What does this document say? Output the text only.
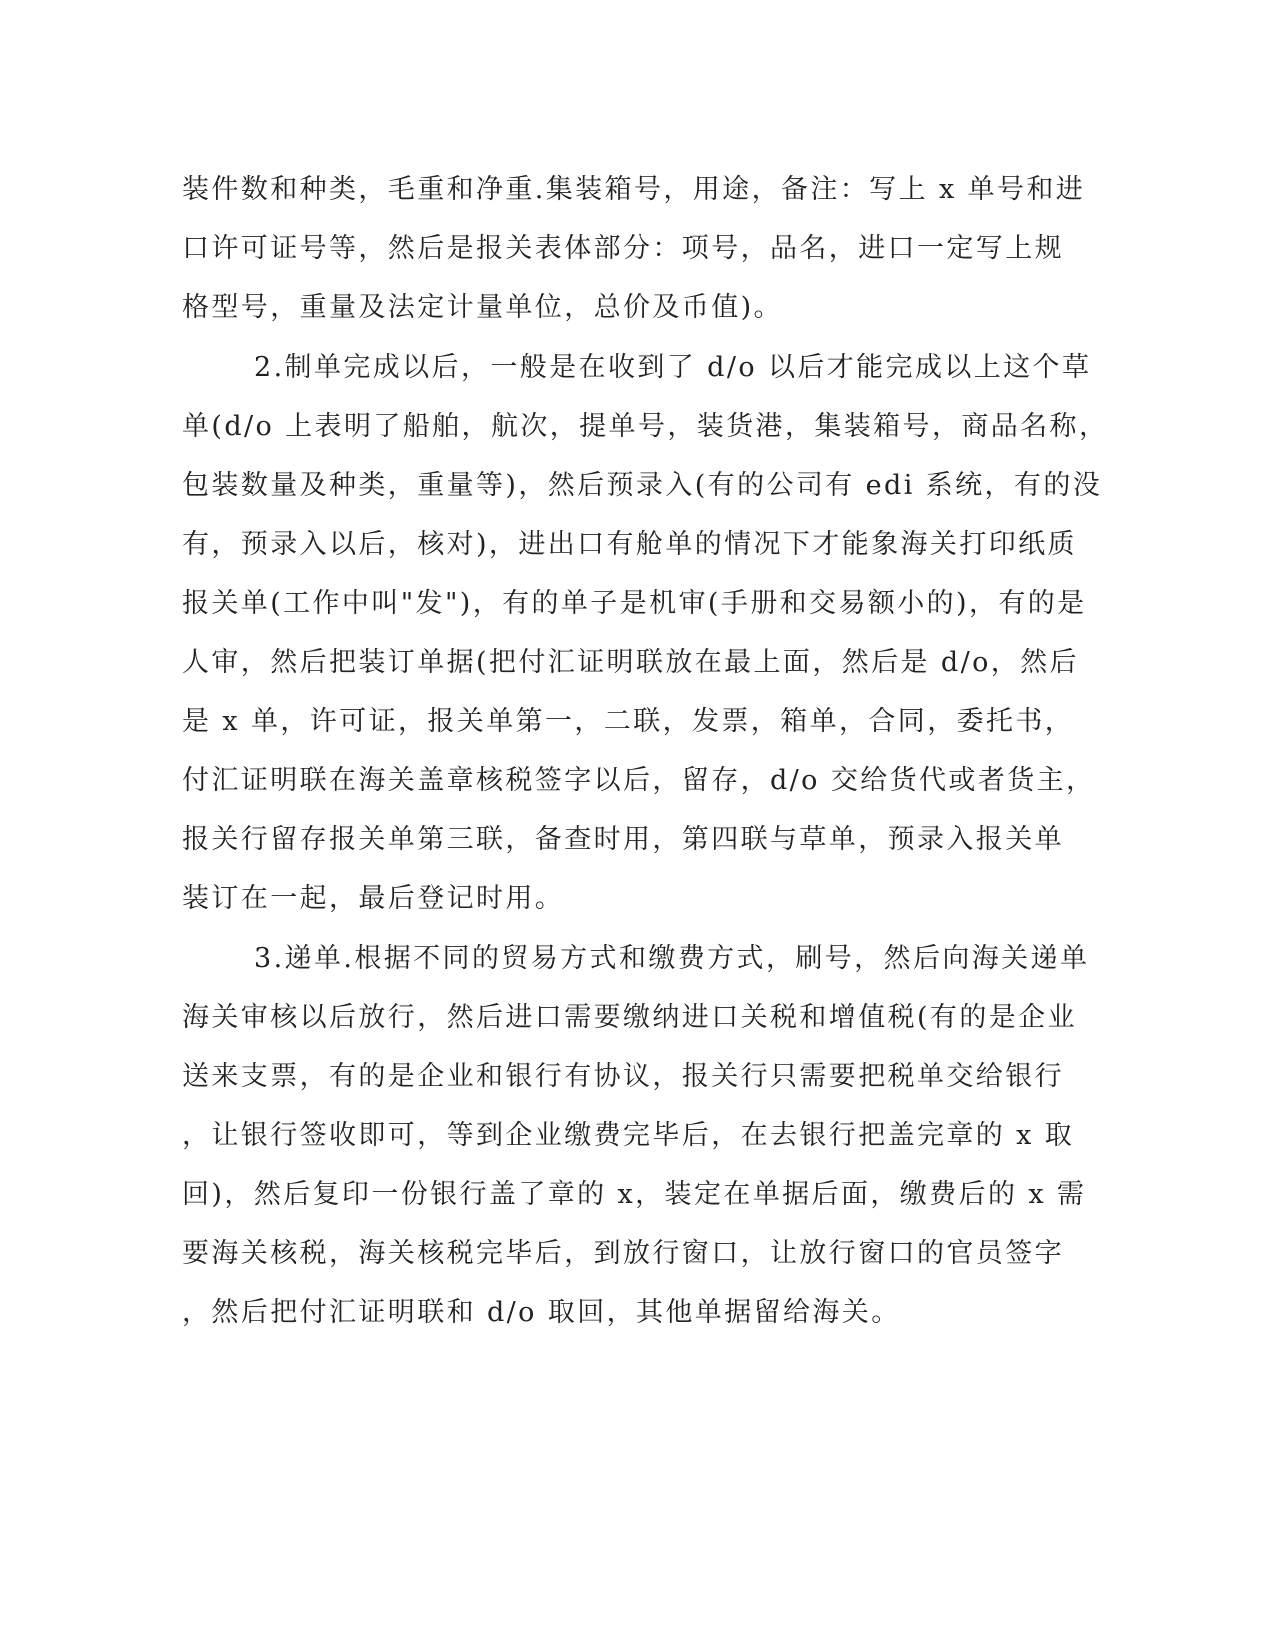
装件数和种类，毛重和净重.集装箱号，用途，备注：写上 x 单号和进
口许可证号等，然后是报关表体部分：项号，品名，进口一定写上规
格型号，重量及法定计量单位，总价及币值)。
2.制单完成以后，一般是在收到了 d/o 以后才能完成以上这个草
单(d/o 上表明了船舶，航次，提单号，装货港，集装箱号，商品名称，
包装数量及种类，重量等)，然后预录入(有的公司有 edi 系统，有的没
有，预录入以后，核对)，进出口有舱单的情况下才能象海关打印纸质
报关单(工作中叫"发")，有的单子是机审(手册和交易额小的)，有的是
人审，然后把装订单据(把付汇证明联放在最上面，然后是 d/o，然后
是 x 单，许可证，报关单第一，二联，发票，箱单，合同，委托书，
付汇证明联在海关盖章核税签字以后，留存，d/o 交给货代或者货主，
报关行留存报关单第三联，备查时用，第四联与草单，预录入报关单
装订在一起，最后登记时用。
3.递单.根据不同的贸易方式和缴费方式，刷号，然后向海关递单
海关审核以后放行，然后进口需要缴纳进口关税和增值税(有的是企业
送来支票，有的是企业和银行有协议，报关行只需要把税单交给银行
，让银行签收即可，等到企业缴费完毕后，在去银行把盖完章的 x 取
回)，然后复印一份银行盖了章的 x，装定在单据后面，缴费后的 x 需
要海关核税，海关核税完毕后，到放行窗口，让放行窗口的官员签字
，然后把付汇证明联和 d/o 取回，其他单据留给海关。
